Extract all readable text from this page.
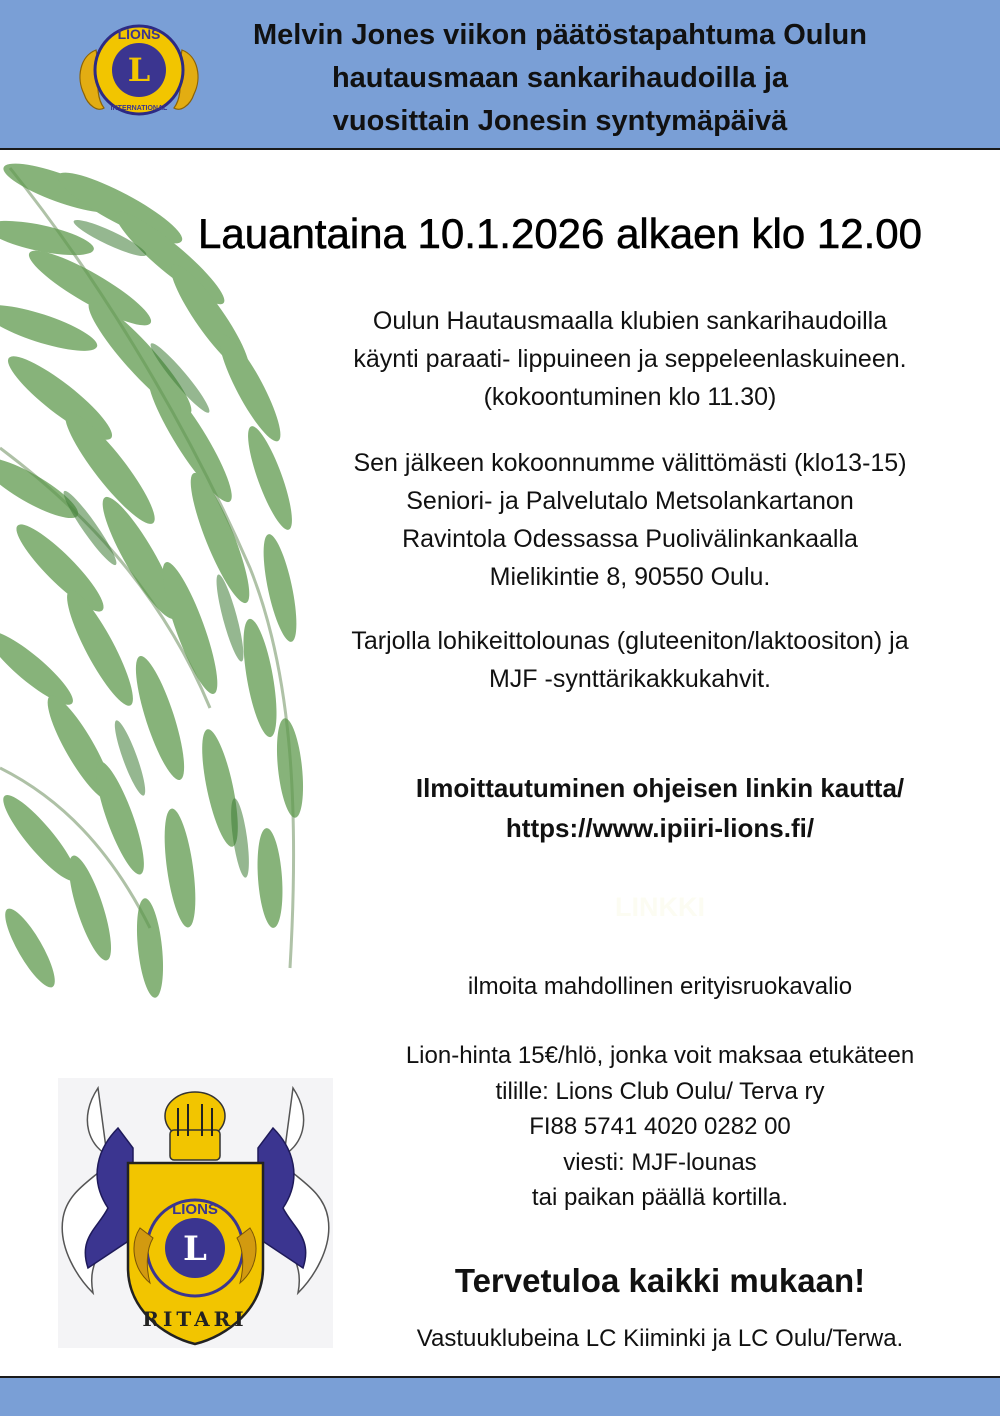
L
LIONS
INTERNATIONAL
Melvin Jones viikon päätöstapahtuma Oulun
hautausmaan sankarihaudoilla ja
vuosittain Jonesin syntymäpäivä
Lauantaina 10.1.2026 alkaen klo 12.00
Oulun Hautausmaalla klubien sankarihaudoilla
käynti paraati- lippuineen ja seppeleenlaskuineen.
(kokoontuminen klo 11.30)
Sen jälkeen kokoonnumme välittömästi (klo13-15)
Seniori- ja Palvelutalo Metsolankartanon
Ravintola Odessassa Puolivälinkankaalla
Mielikintie 8, 90550 Oulu.
Tarjolla lohikeittolounas (gluteeniton/laktoositon) ja
MJF -synttärikakkukahvit.
Ilmoittautuminen ohjeisen linkin kautta/
https://www.ipiiri-lions.fi/
LINKKI
ilmoita mahdollinen erityisruokavalio
Lion-hinta 15€/hlö, jonka voit maksaa etukäteen
tilille: Lions Club Oulu/ Terva ry
FI88 5741 4020 0282 00
viesti: MJF-lounas
tai paikan päällä kortilla.
Tervetuloa kaikki mukaan!
Vastuuklubeina LC Kiiminki ja LC Oulu/Terwa.
L
LIONS
RITARI
